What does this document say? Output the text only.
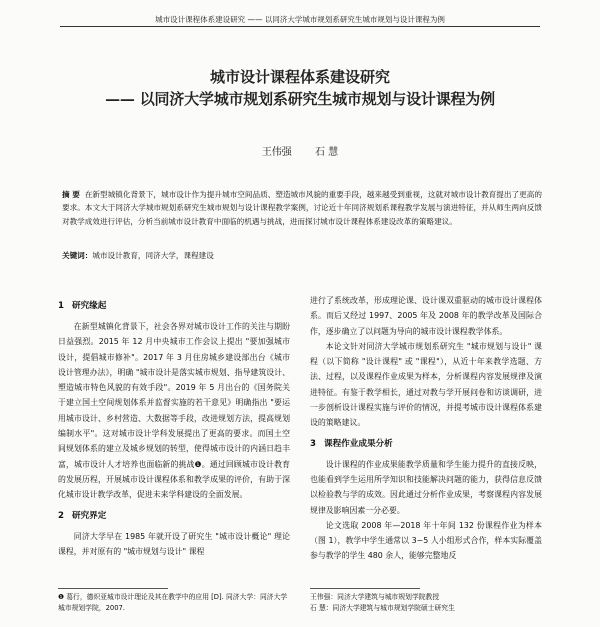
城市设计课程体系建设研究 —— 以同济大学城市规划系研究生城市规划与设计课程为例
城市设计课程体系建设研究
—— 以同济大学城市规划系研究生城市规划与设计课程为例
王伟强 石 慧
摘 要 在新型城镇化背景下，城市设计作为提升城市空间品质、塑造城市风貌的重要手段，越来越受到重视，这就对城市设计教育提出了更高的要求。本文大于同济大学城市规划系研究生城市规划与设计课程教学案例，讨论近十年同济规划系课程教学发展与演进特征，并从师生两向反馈对教学成效进行评估，分析当前城市设计教育中面临的机遇与挑战，进而探讨城市设计课程体系建设改革的策略建议。
关键词：城市设计教育，同济大学，课程建设
1 研究缘起

在新型城镇化背景下，社会各界对城市设计工作的关注与期盼日益强烈。2015 年 12 月中央城市工作会议上提出 "要加强城市设计，提倡城市修补"。2017 年 3 月住房城乡建设部出台《城市设计管理办法》，明确 "城市设计是落实城市规划、指导建筑设计、塑造城市特色风貌的有效手段"。2019 年 5 月出台的《国务院关于建立国土空间规划体系并监督实施的若干意见》明确指出 "要运用城市设计、乡村营造、大数据等手段，改进规划方法，提高规划编制水平"。这对城市设计学科发展提出了更高的要求。而国土空间规划体系的建立及城乡规划的转型，使得城市设计的内涵日趋丰富，城市设计人才培养也面临新的挑战❶。通过回顾城市设计教育的发展历程，开展城市设计课程体系和教学成果的评价，有助于深化城市设计教学改革，促进未来学科建设的全面发展。

2 研究界定

同济大学早在 1985 年就开设了研究生 "城市设计概论" 理论课程，并对原有的 "城市规划与设计" 课程

进行了系统改革，形成理论课、设计课双重驱动的城市设计课程体系。而后又经过 1997、2005 年及 2008 年的教学改革及国际合作，逐步确立了以问题为导向的城市设计课程教学体系。

本论文针对同济大学城市规划系研究生 "城市规划与设计" 课程（以下简称 "设计课程" 或 "课程"），从近十年来教学选题、方法、过程，以及课程作业成果为样本，分析课程内容发展规律及演进特征。有鉴于教学相长，通过对教与学开展问卷和访谈调研，进一步剖析设计课程实施与评价的情况，并提考城市设计课程体系建设的策略建议。

3 课程作业成果分析

设计课程的作业成果能教学质量和学生能力提升的直接反映，也能看到学生运用所学知识和技能解决问题的能力，获得信息反馈以检验教与学的成效。因此通过分析作业成果，考察课程内容发展规律及影响因素一分必要。

论文选取 2008 年—2018 年十年间 132 份课程作业为样本（图 1），教学中学生通常以 3~5 人小组形式合作，样本实际覆盖参与教学的学生 480 余人，能够完整地反

❶ 葛行，德炽亚城市设计理论及其在教学中的应用 [D]. 同济大学：同济大学城市规划学院，2007.
王伟强：同济大学建筑与城市规划学院教授
石 慧：同济大学建筑与城市规划学院硕士研究生
